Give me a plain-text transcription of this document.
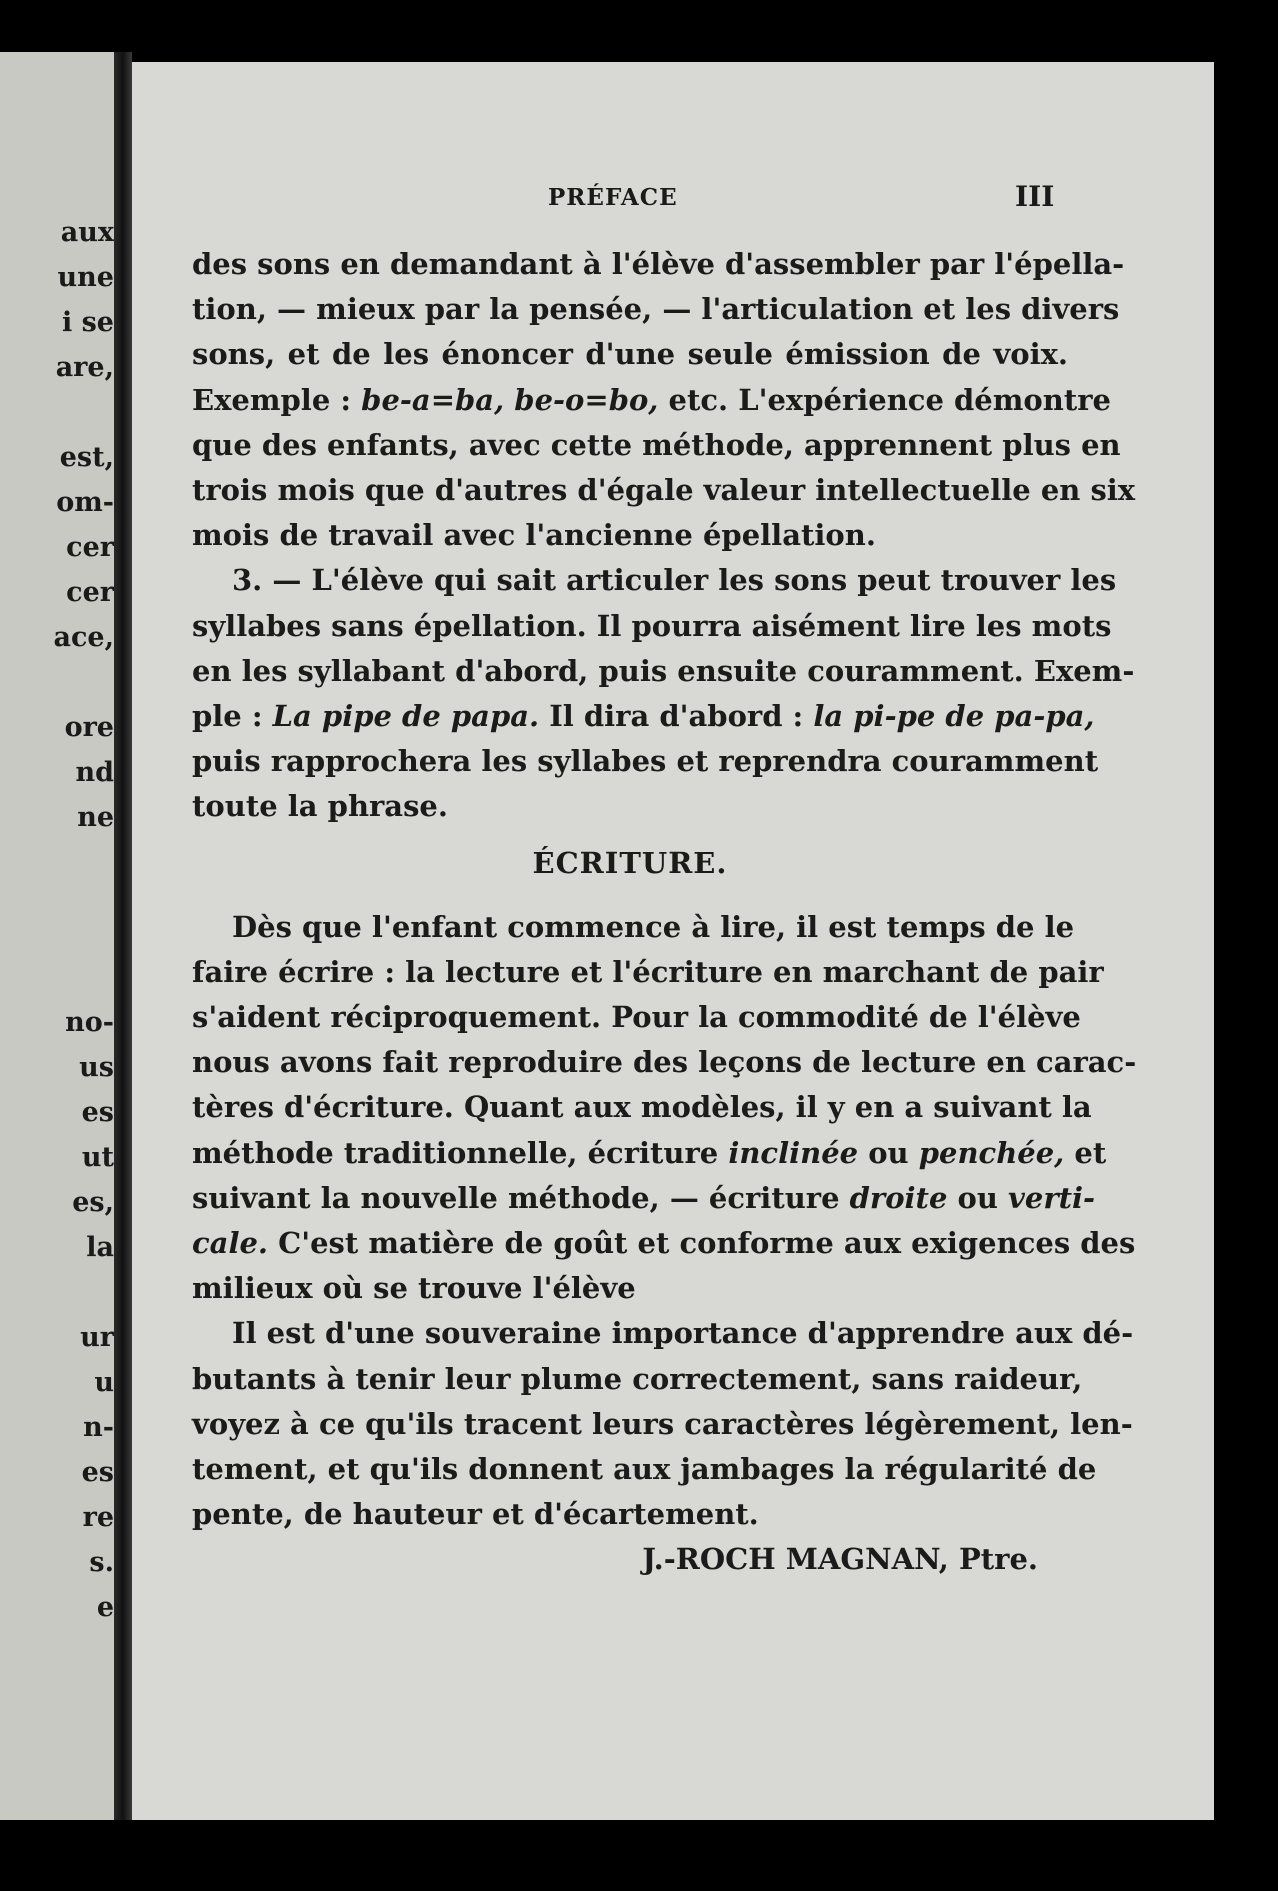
aux
une
i se
are,
est,
om-
cer
cer
ace,
ore
nd
ne
no-
us
es
ut
es,
la
ur
u
n-
es
re
s.
e
PRÉFACE	III
des sons en demandant à l'élève d'assembler par l'épella-
tion, — mieux par la pensée, — l'articulation et les divers
sons, et de les énoncer d'une seule émission de voix.
Exemple : be-a=ba, be-o=bo, etc. L'expérience démontre
que des enfants, avec cette méthode, apprennent plus en
trois mois que d'autres d'égale valeur intellectuelle en six
mois de travail avec l'ancienne épellation.
3. — L'élève qui sait articuler les sons peut trouver les
syllabes sans épellation. Il pourra aisément lire les mots
en les syllabant d'abord, puis ensuite couramment. Exem-
ple : La pipe de papa. Il dira d'abord : la pi-pe de pa-pa,
puis rapprochera les syllabes et reprendra couramment
toute la phrase.
ÉCRITURE.
Dès que l'enfant commence à lire, il est temps de le
faire écrire : la lecture et l'écriture en marchant de pair
s'aident réciproquement. Pour la commodité de l'élève
nous avons fait reproduire des leçons de lecture en carac-
tères d'écriture. Quant aux modèles, il y en a suivant la
méthode traditionnelle, écriture inclinée ou penchée, et
suivant la nouvelle méthode, — écriture droite ou verti-
cale. C'est matière de goût et conforme aux exigences des
milieux où se trouve l'élève
Il est d'une souveraine importance d'apprendre aux dé-
butants à tenir leur plume correctement, sans raideur,
voyez à ce qu'ils tracent leurs caractères légèrement, len-
tement, et qu'ils donnent aux jambages la régularité de
pente, de hauteur et d'écartement.
J.-ROCH MAGNAN, Ptre.
